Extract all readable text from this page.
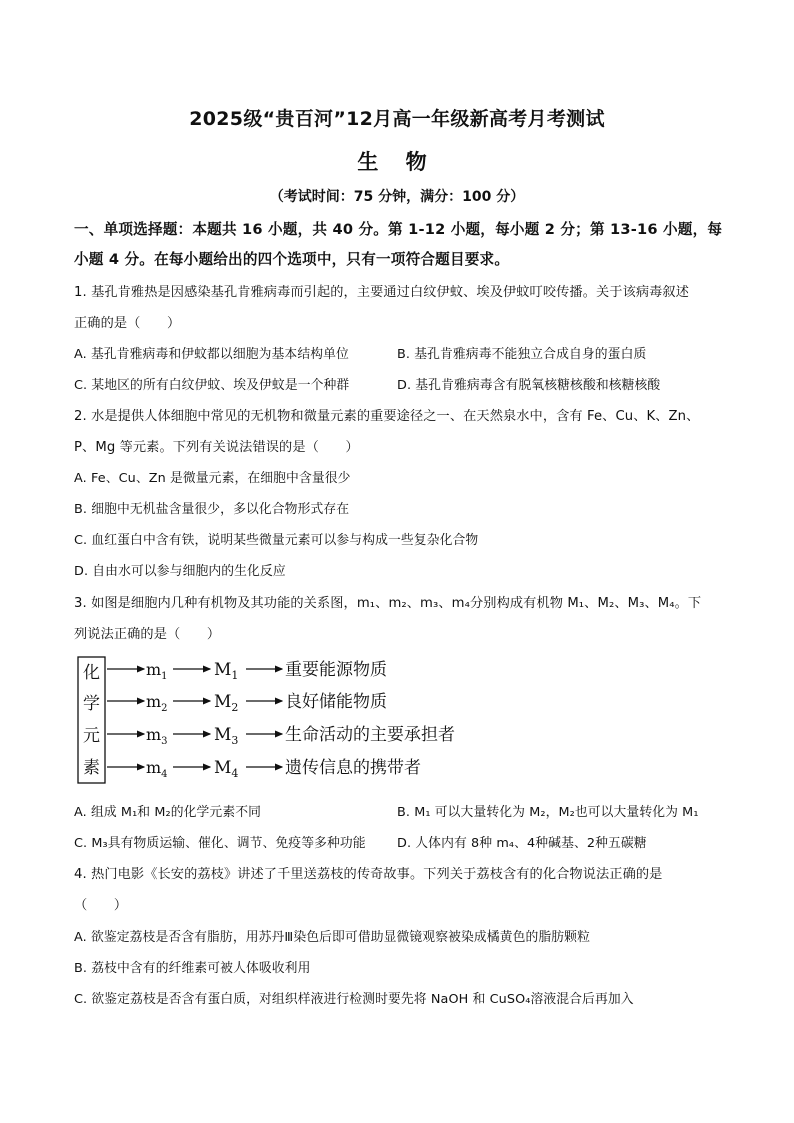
2025级“贵百河”12月高一年级新高考月考测试
生 物
（考试时间：75 分钟，满分：100 分）
一、单项选择题：本题共 16 小题，共 40 分。第 1-12 小题，每小题 2 分；第 13-16 小题，每
小题 4 分。在每小题给出的四个选项中，只有一项符合题目要求。
1. 基孔肯雅热是因感染基孔肯雅病毒而引起的，主要通过白纹伊蚊、埃及伊蚊叮咬传播。关于该病毒叙述
正确的是（　　）
A. 基孔肯雅病毒和伊蚊都以细胞为基本结构单位	B. 基孔肯雅病毒不能独立合成自身的蛋白质
C. 某地区的所有白纹伊蚊、埃及伊蚊是一个种群	D. 基孔肯雅病毒含有脱氧核糖核酸和核糖核酸
2. 水是提供人体细胞中常见的无机物和微量元素的重要途径之一、在天然泉水中，含有 Fe、Cu、K、Zn、
P、Mg 等元素。下列有关说法错误的是（　　）
A. Fe、Cu、Zn 是微量元素，在细胞中含量很少
B. 细胞中无机盐含量很少，多以化合物形式存在
C. 血红蛋白中含有铁，说明某些微量元素可以参与构成一些复杂化合物
D. 自由水可以参与细胞内的生化反应
3. 如图是细胞内几种有机物及其功能的关系图，m₁、m₂、m₃、m₄分别构成有机物 M₁、M₂、M₃、M₄。下
列说法正确的是（　　）
化
学
元
素
$m_1$	$M_1$	重要能源物质
$m_2$	$M_2$	良好储能物质
$m_3$	$M_3$	生命活动的主要承担者
$m_4$	$M_4$	遗传信息的携带者
A. 组成 M₁和 M₂的化学元素不同	B. M₁ 可以大量转化为 M₂，M₂也可以大量转化为 M₁
C. M₃具有物质运输、催化、调节、免疫等多种功能 D. 人体内有 8种 m₄、4种碱基、2种五碳糖
4. 热门电影《长安的荔枝》讲述了千里送荔枝的传奇故事。下列关于荔枝含有的化合物说法正确的是
（　　）
A. 欲鉴定荔枝是否含有脂肪，用苏丹Ⅲ染色后即可借助显微镜观察被染成橘黄色的脂肪颗粒
B. 荔枝中含有的纤维素可被人体吸收利用
C. 欲鉴定荔枝是否含有蛋白质，对组织样液进行检测时要先将 NaOH 和 CuSO₄溶液混合后再加入
